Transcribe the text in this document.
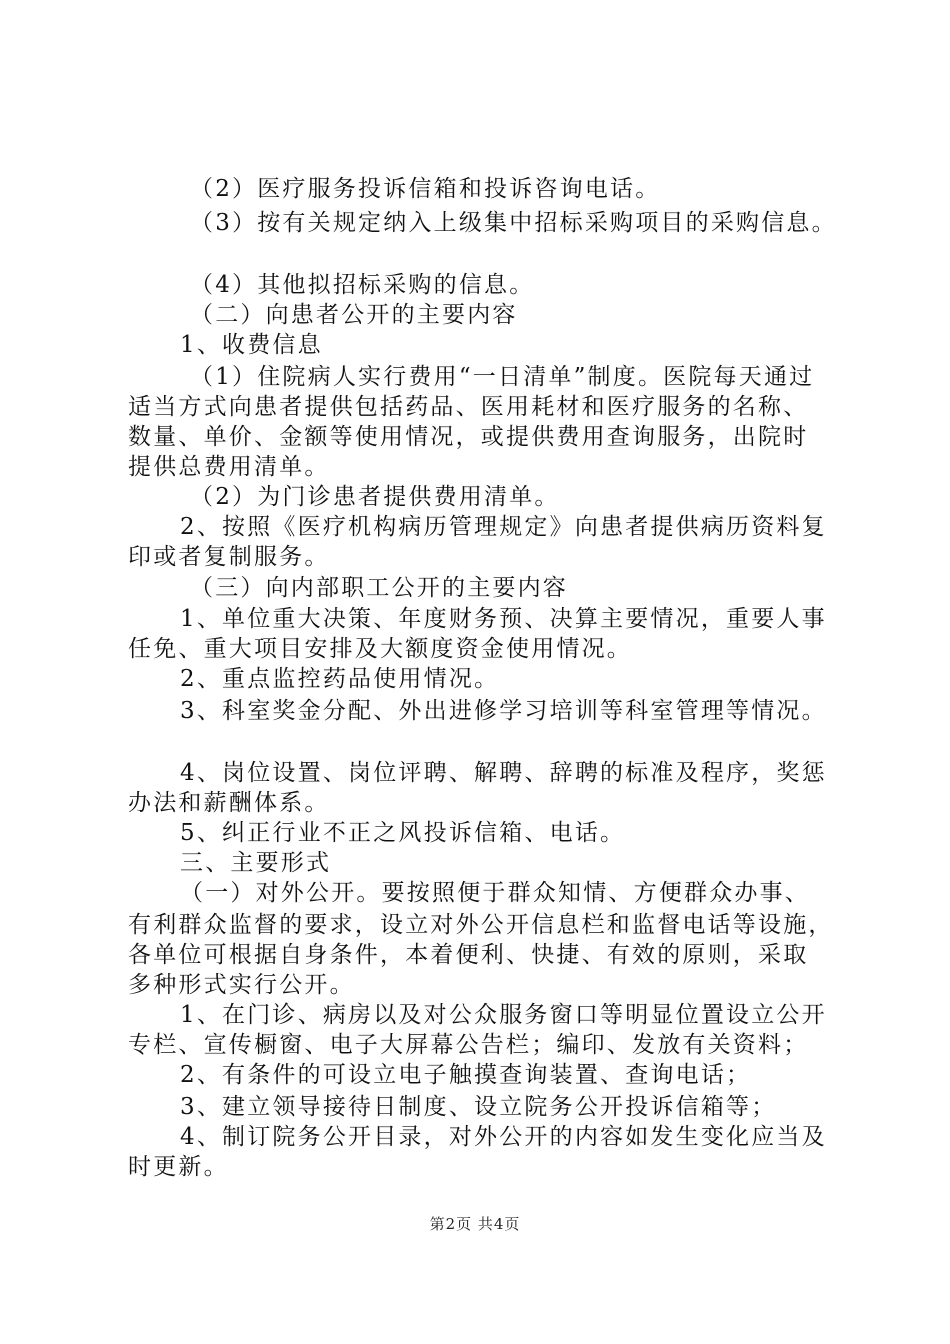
（2）医疗服务投诉信箱和投诉咨询电话。
（3）按有关规定纳入上级集中招标采购项目的采购信息。
（4）其他拟招标采购的信息。
（二）向患者公开的主要内容
1、收费信息
（1）住院病人实行费用“一日清单”制度。医院每天通过
适当方式向患者提供包括药品、医用耗材和医疗服务的名称、
数量、单价、金额等使用情况，或提供费用查询服务，出院时
提供总费用清单。
（2）为门诊患者提供费用清单。
2、按照《医疗机构病历管理规定》向患者提供病历资料复
印或者复制服务。
（三）向内部职工公开的主要内容
1、单位重大决策、年度财务预、决算主要情况，重要人事
任免、重大项目安排及大额度资金使用情况。
2、重点监控药品使用情况。
3、科室奖金分配、外出进修学习培训等科室管理等情况。
4、岗位设置、岗位评聘、解聘、辞聘的标准及程序，奖惩
办法和薪酬体系。
5、纠正行业不正之风投诉信箱、电话。
三、主要形式
（一）对外公开。要按照便于群众知情、方便群众办事、
有利群众监督的要求，设立对外公开信息栏和监督电话等设施，
各单位可根据自身条件，本着便利、快捷、有效的原则，采取
多种形式实行公开。
1、在门诊、病房以及对公众服务窗口等明显位置设立公开
专栏、宣传橱窗、电子大屏幕公告栏；编印、发放有关资料；
2、有条件的可设立电子触摸查询装置、查询电话；
3、建立领导接待日制度、设立院务公开投诉信箱等；
4、制订院务公开目录，对外公开的内容如发生变化应当及
时更新。
第2页 共4页
